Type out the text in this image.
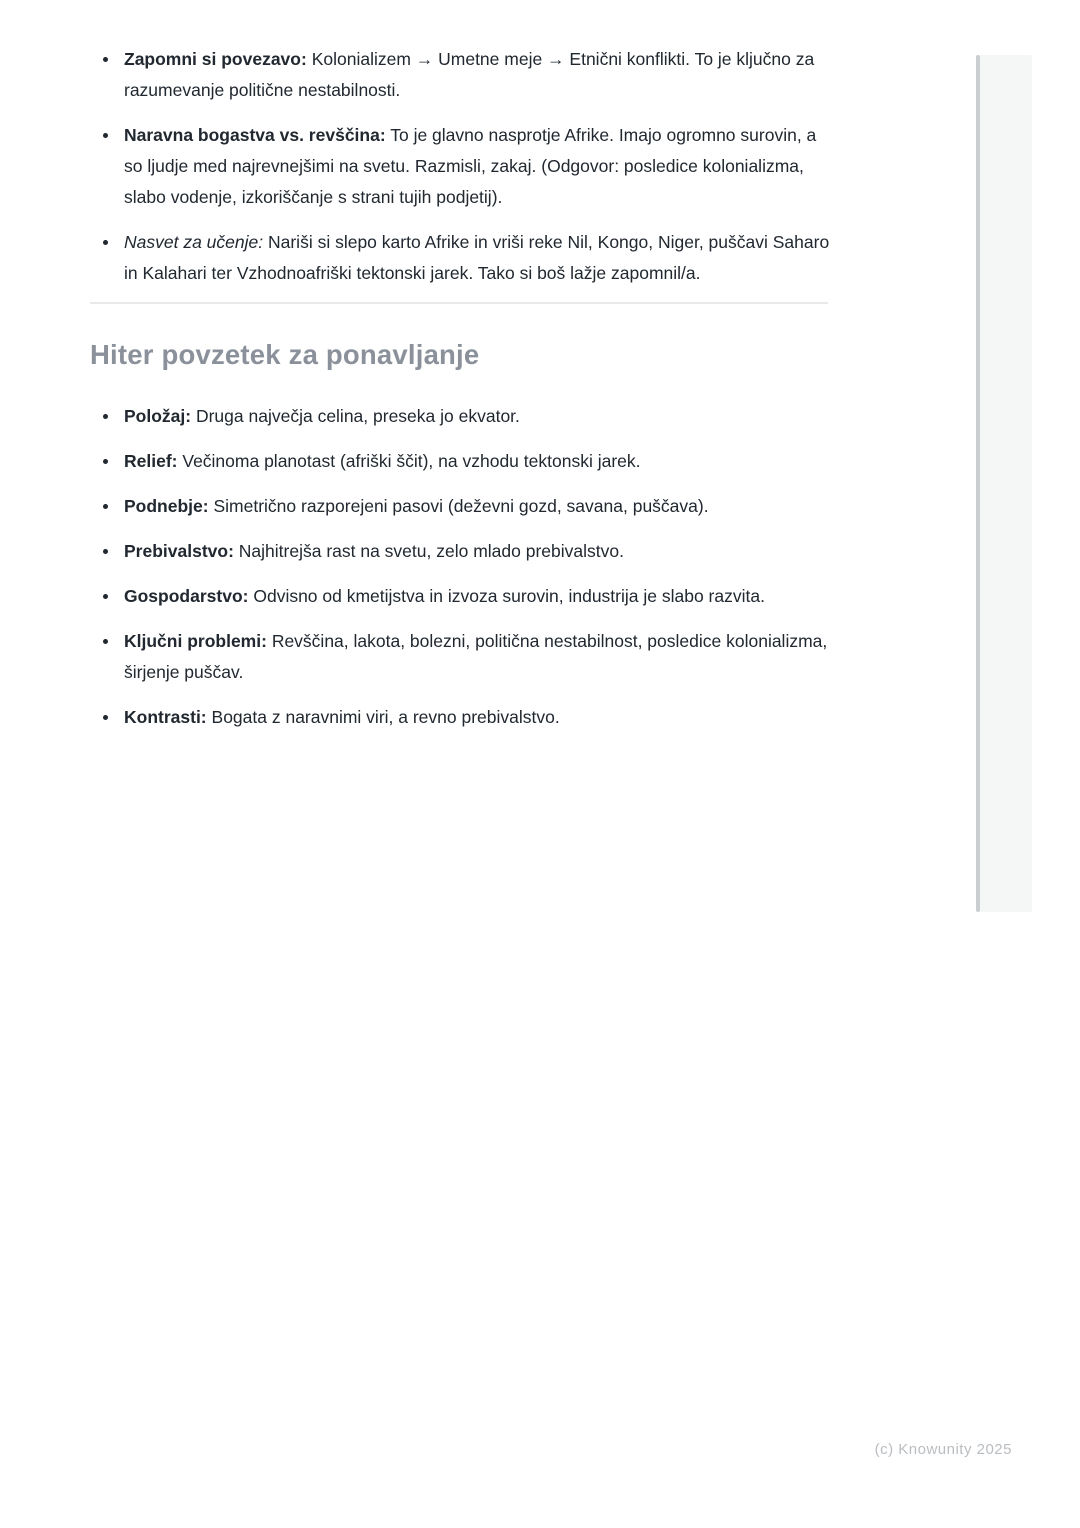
Zapomni si povezavo: Kolonializem → Umetne meje → Etnični konflikti. To je ključno za razumevanje politične nestabilnosti.
Naravna bogastva vs. revščina: To je glavno nasprotje Afrike. Imajo ogromno surovin, a so ljudje med najrevnejšimi na svetu. Razmisli, zakaj. (Odgovor: posledice kolonializma, slabo vodenje, izkoriščanje s strani tujih podjetij).
Nasvet za učenje: Nariši si slepo karto Afrike in vriši reke Nil, Kongo, Niger, puščavi Saharo in Kalahari ter Vzhodnoafriški tektonski jarek. Tako si boš lažje zapomnil/a.
Hiter povzetek za ponavljanje
Položaj: Druga največja celina, preseka jo ekvator.
Relief: Večinoma planotast (afriški ščit), na vzhodu tektonski jarek.
Podnebje: Simetrično razporejeni pasovi (deževni gozd, savana, puščava).
Prebivalstvo: Najhitrejša rast na svetu, zelo mlado prebivalstvo.
Gospodarstvo: Odvisno od kmetijstva in izvoza surovin, industrija je slabo razvita.
Ključni problemi: Revščina, lakota, bolezni, politična nestabilnost, posledice kolonializma, širjenje puščav.
Kontrasti: Bogata z naravnimi viri, a revno prebivalstvo.
(c) Knowunity 2025
